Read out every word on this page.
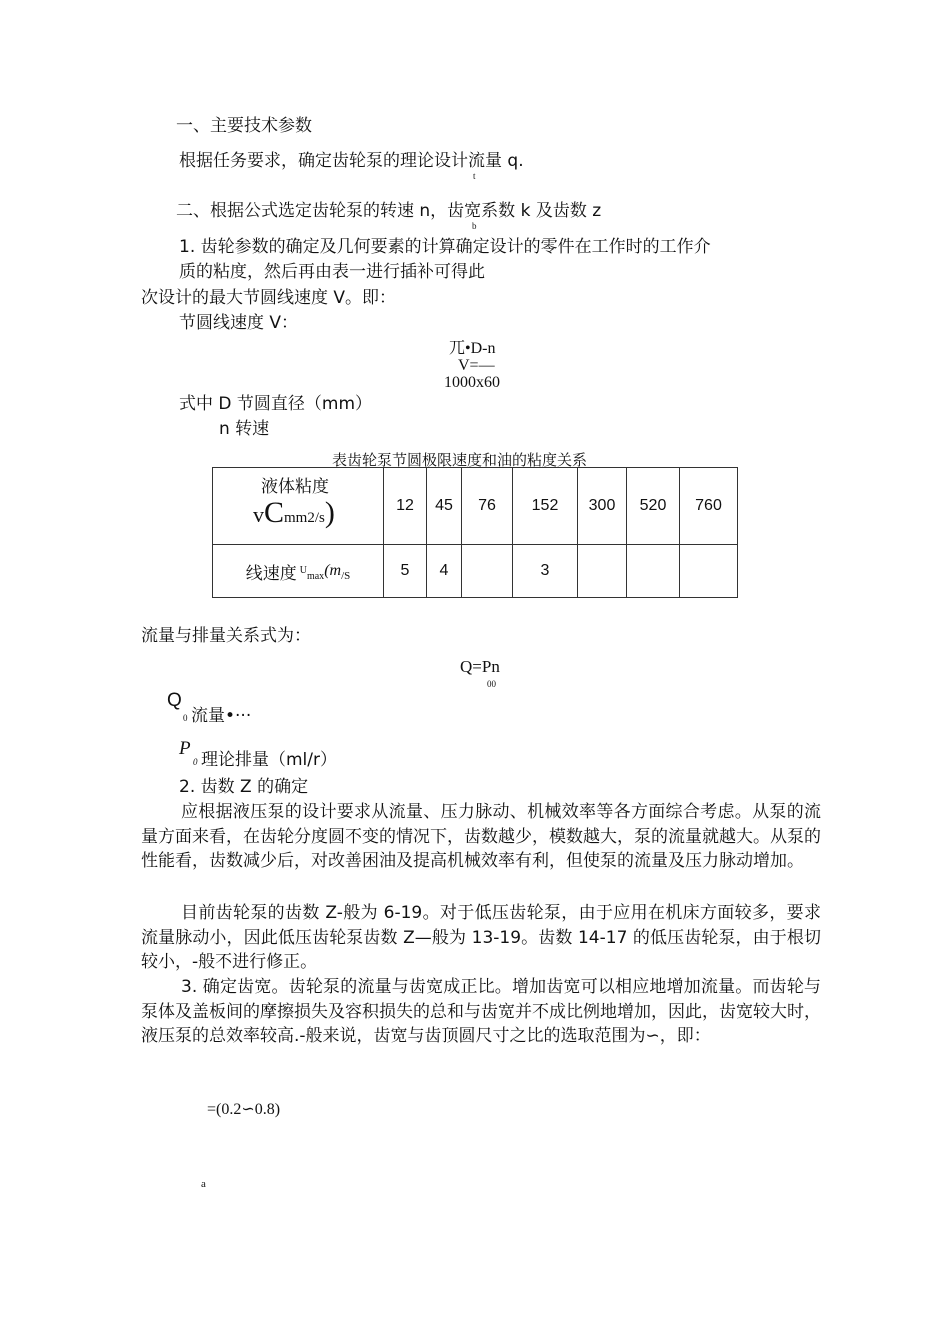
一、主要技术参数
根据任务要求，确定齿轮泵的理论设计流量 q.
t
二、根据公式选定齿轮泵的转速 n，齿宽系数 k 及齿数 z
b
1. 齿轮参数的确定及几何要素的计算确定设计的零件在工作时的工作介
质的粘度，然后再由表一进行插补可得此
次设计的最大节圆线速度 V。即：
节圆线速度 V：
兀•D-n
V=—
1000x60
式中 D 节圆直径（mm）
n 转速
表齿轮泵节圆极限速度和油的粘度关系
液体粘度
vCmm2/s)	12	45	76	152	300	520	760
线速度 $^U$max(m/S	5	4		3			
流量与排量关系式为：
Q=Pn
00
Q
0 流量•···
P
0 理论排量（ml/r）
2. 齿数 Z 的确定
应根据液压泵的设计要求从流量、压力脉动、机械效率等各方面综合考虑。从泵的流量方面来看，在齿轮分度圆不变的情况下，齿数越少，模数越大，泵的流量就越大。从泵的性能看，齿数减少后，对改善困油及提高机械效率有利，但使泵的流量及压力脉动增加。
目前齿轮泵的齿数 Z-般为 6-19。对于低压齿轮泵，由于应用在机床方面较多，要求流量脉动小，因此低压齿轮泵齿数 Z—般为 13-19。齿数 14-17 的低压齿轮泵，由于根切较小，-般不进行修正。
3. 确定齿宽。齿轮泵的流量与齿宽成正比。增加齿宽可以相应地增加流量。而齿轮与泵体及盖板间的摩擦损失及容积损失的总和与齿宽并不成比例地增加，因此，齿宽较大时，液压泵的总效率较高.-般来说，齿宽与齿顶圆尺寸之比的选取范围为∽，即：
=(0.2∽0.8)
a
